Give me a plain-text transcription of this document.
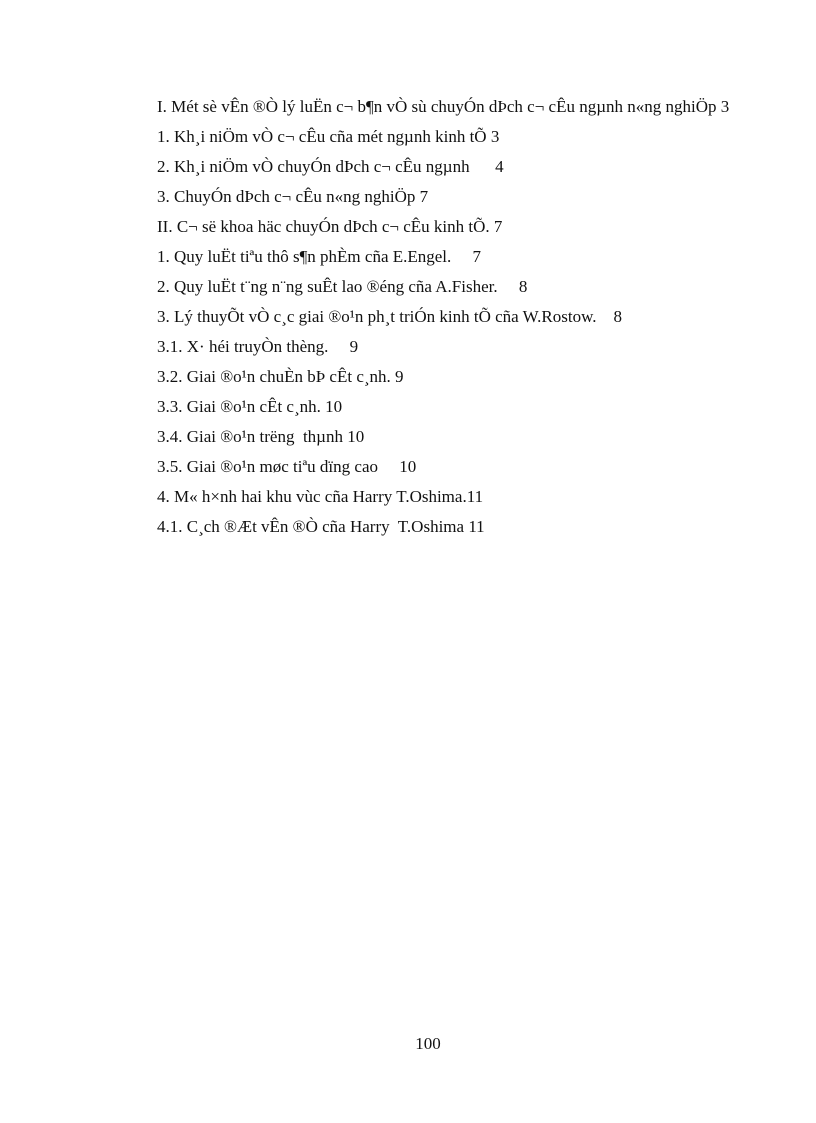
I. Mét sè vÊn ®Ò lý luËn c¬ b¶n vÒ sù chuyÓn dÞch c¬ cÊu ngµnh n«ng nghiÖp 3

1. Kh¸i niÖm vÒ c¬ cÊu cña mét ngµnh kinh tÕ 3

2. Kh¸i niÖm vÒ chuyÓn dÞch c¬ cÊu ngµnh      4

3. ChuyÓn dÞch c¬ cÊu n«ng nghiÖp 7

II. C¬ së khoa häc chuyÓn dÞch c¬ cÊu kinh tÕ. 7

1. Quy luËt tiªu thô s¶n phÈm cña E.Engel.     7

2. Quy luËt t¨ng n¨ng suÊt lao ®éng cña A.Fisher.     8

3. Lý thuyÕt vÒ c¸c giai ®o¹n ph¸t triÓn kinh tÕ cña W.Rostow.    8

3.1. X· héi truyÒn thèng.     9

3.2. Giai ®o¹n chuÈn bÞ cÊt c¸nh. 9

3.3. Giai ®o¹n cÊt c¸nh. 10

3.4. Giai ®o¹n trëng  thµnh 10

3.5. Giai ®o¹n møc tiªu dïng cao     10

4. M« h×nh hai khu vùc cña Harry T.Oshima.11

4.1. C¸ch ®Æt vÊn ®Ò cña Harry  T.Oshima 11

100
